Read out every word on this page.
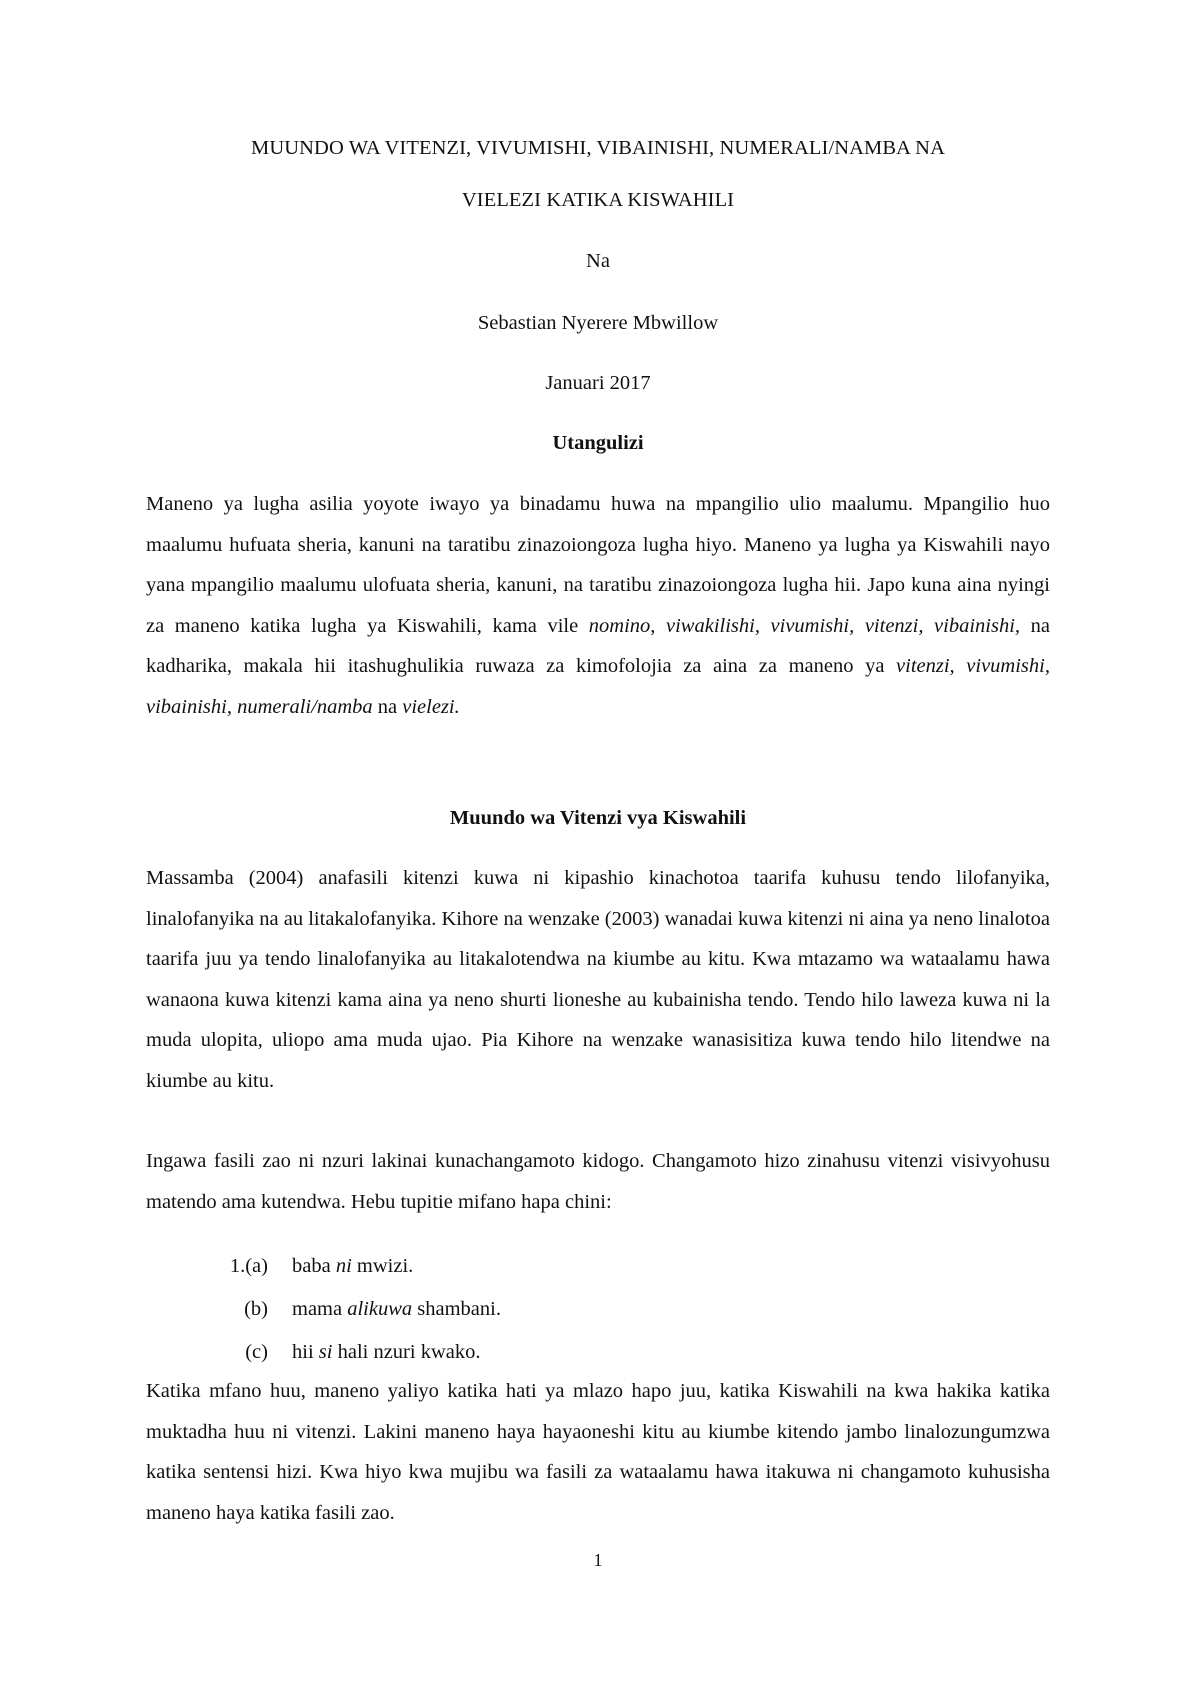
MUUNDO WA VITENZI, VIVUMISHI, VIBAINISHI, NUMERALI/NAMBA NA
VIELEZI KATIKA KISWAHILI
Na
Sebastian Nyerere Mbwillow
Januari 2017
Utangulizi

Maneno ya lugha asilia yoyote iwayo ya binadamu huwa na mpangilio ulio maalumu. Mpangilio huo maalumu hufuata sheria, kanuni na taratibu zinazoiongoza lugha hiyo. Maneno ya lugha ya Kiswahili nayo yana mpangilio maalumu ulofuata sheria, kanuni, na taratibu zinazoiongoza lugha hii. Japo kuna aina nyingi za maneno katika lugha ya Kiswahili, kama vile nomino, viwakilishi, vivumishi, vitenzi, vibainishi, na kadharika, makala hii itashughulikia ruwaza za kimofolojia za aina za maneno ya vitenzi, vivumishi, vibainishi, numerali/namba na vielezi.

Muundo wa Vitenzi vya Kiswahili

Massamba (2004) anafasili kitenzi kuwa ni kipashio kinachotoa taarifa kuhusu tendo lilofanyika, linalofanyika na au litakalofanyika. Kihore na wenzake (2003) wanadai kuwa kitenzi ni aina ya neno linalotoa taarifa juu ya tendo linalofanyika au litakalotendwa na kiumbe au kitu. Kwa mtazamo wa wataalamu hawa wanaona kuwa kitenzi kama aina ya neno shurti lioneshe au kubainisha tendo. Tendo hilo laweza kuwa ni la muda ulopita, uliopo ama muda ujao. Pia Kihore na wenzake wanasisitiza kuwa tendo hilo litendwe na kiumbe au kitu.

Ingawa fasili zao ni nzuri lakinai kunachangamoto kidogo. Changamoto hizo zinahusu vitenzi visivyohusu matendo ama kutendwa. Hebu tupitie mifano hapa chini:

1.(a) baba ni mwizi.
(b) mama alikuwa shambani.
(c) hii si hali nzuri kwako.

Katika mfano huu, maneno yaliyo katika hati ya mlazo hapo juu, katika Kiswahili na kwa hakika katika muktadha huu ni vitenzi. Lakini maneno haya hayaoneshi kitu au kiumbe kitendo jambo linalozungumzwa katika sentensi hizi. Kwa hiyo kwa mujibu wa fasili za wataalamu hawa itakuwa ni changamoto kuhusisha maneno haya katika fasili zao.

1
